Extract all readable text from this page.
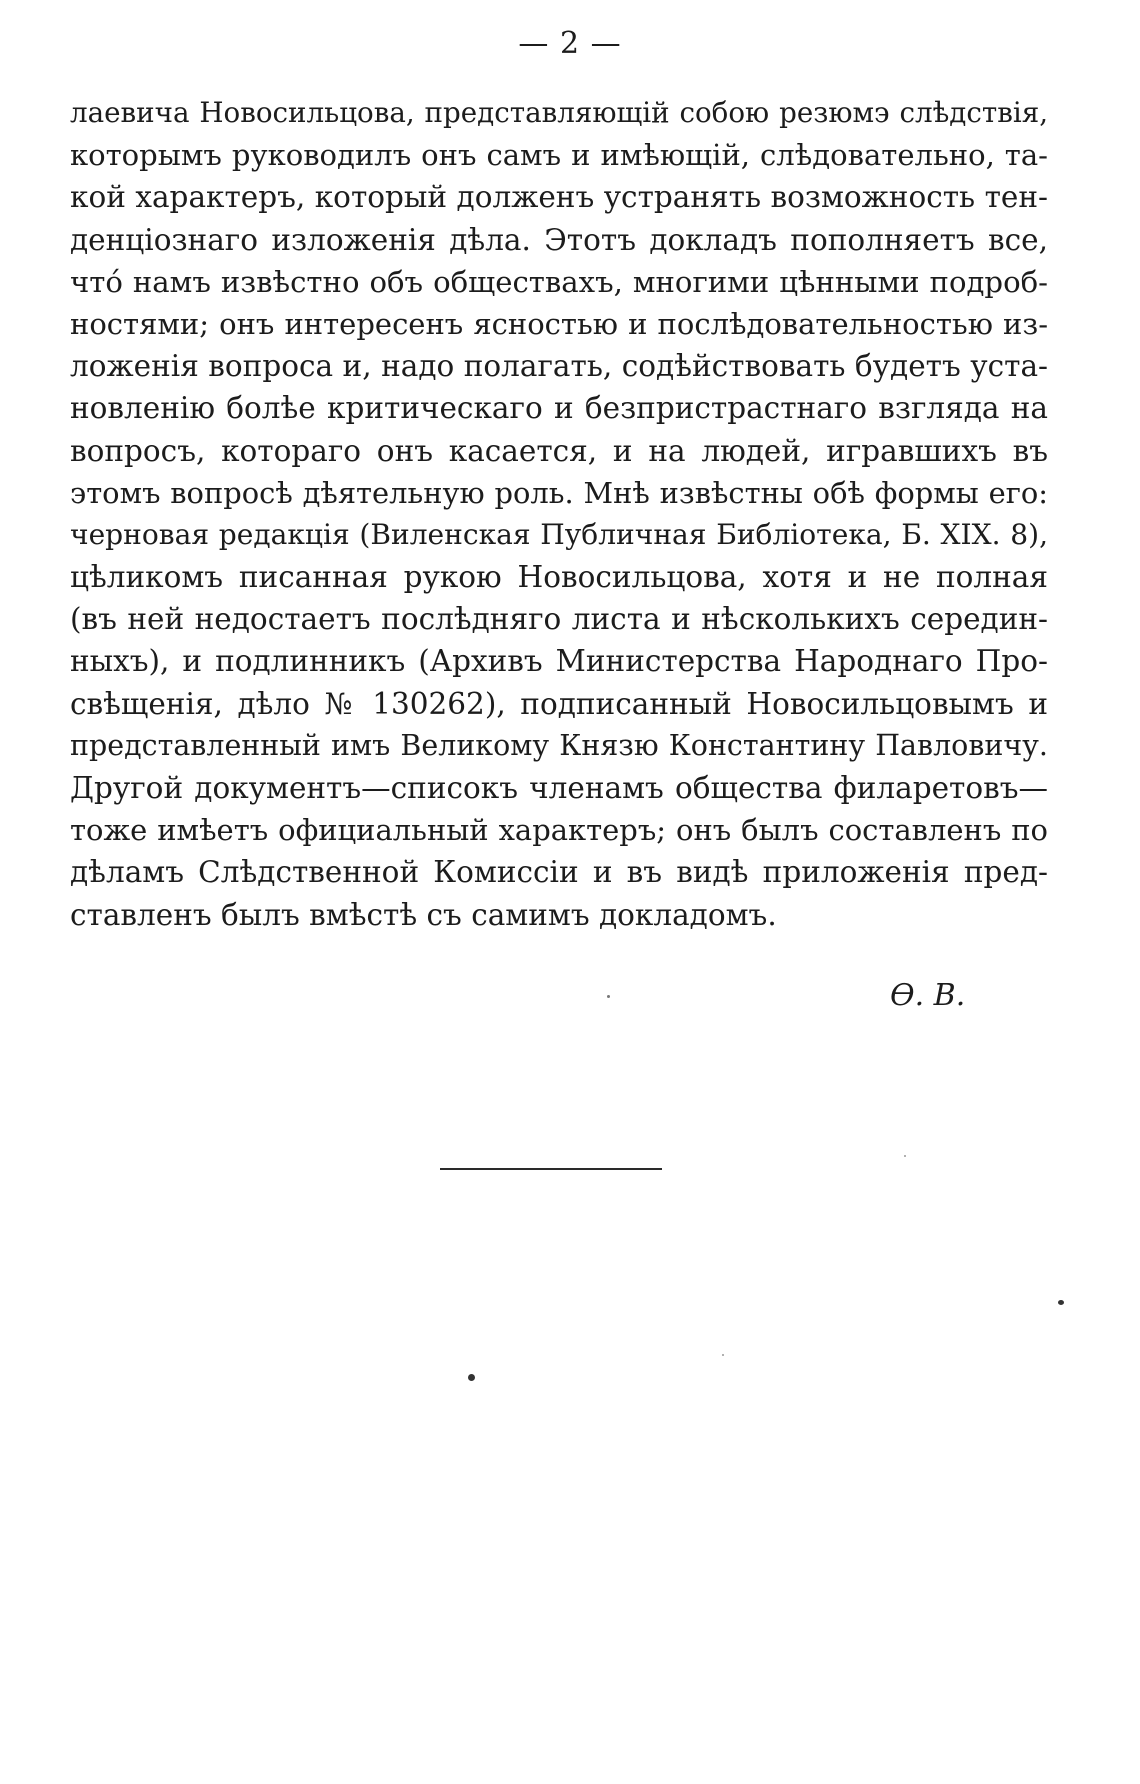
— 2 —
лаевича Новосильцова, представляющій собою резюмэ слѣдствія,
которымъ руководилъ онъ самъ и имѣющій, слѣдовательно, та-
кой характеръ, который долженъ устранять возможность тен-
денціознаго изложенія дѣла. Этотъ докладъ пополняетъ все,
чтó намъ извѣстно объ обществахъ, многими цѣнными подроб-
ностями; онъ интересенъ ясностью и послѣдовательностью из-
ложенія вопроса и, надо полагать, содѣйствовать будетъ уста-
новленію болѣе критическаго и безпристрастнаго взгляда на
вопросъ, котораго онъ касается, и на людей, игравшихъ въ
этомъ вопросѣ дѣятельную роль. Мнѣ извѣстны обѣ формы его:
черновая редакція (Виленская Публичная Библіотека, Б. XIX. 8),
цѣликомъ писанная рукою Новосильцова, хотя и не полная
(въ ней недостаетъ послѣдняго листа и нѣсколькихъ середин-
ныхъ), и подлинникъ (Архивъ Министерства Народнаго Про-
свѣщенія, дѣло № 130262), подписанный Новосильцовымъ и
представленный имъ Великому Князю Константину Павловичу.
Другой документъ—списокъ членамъ общества филаретовъ—
тоже имѣетъ официальный характеръ; онъ былъ составленъ по
дѣламъ Слѣдственной Комиссіи и въ видѣ приложенія пред-
ставленъ былъ вмѣстѣ съ самимъ докладомъ.
Ѳ. В.
